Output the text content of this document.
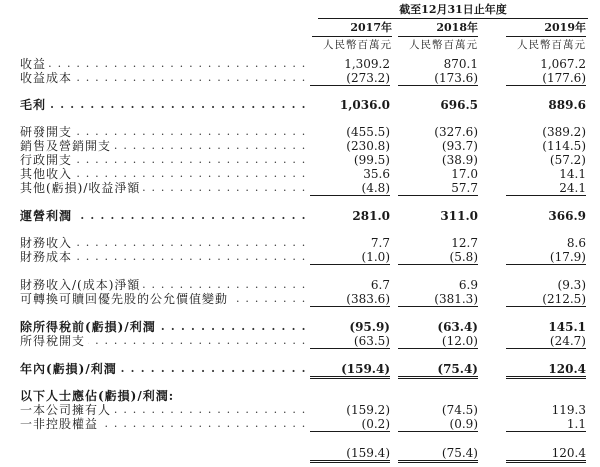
截至12月31日止年度
2017年	2018年	2019年
人民幣百萬元	人民幣百萬元	人民幣百萬元
收益 . . .	1,309.2	870.1	1,067.2
收益成本 . . .	(273.2)	(173.6)	(177.6)
毛利 . . .	1,036.0	696.5	889.6
研發開支 . . .	(455.5)	(327.6)	(389.2)
銷售及營銷開支 . . .	(230.8)	(93.7)	(114.5)
行政開支 . . .	(99.5)	(38.9)	(57.2)
其他收入 . . .	35.6	17.0	14.1
其他(虧損)/收益淨額 . . .	(4.8)	57.7	24.1
運營利潤 . . .	281.0	311.0	366.9
財務收入 . . .	7.7	12.7	8.6
財務成本 . . .	(1.0)	(5.8)	(17.9)
財務收入/(成本)淨額 . . .	6.7	6.9	(9.3)
可轉換可贖回優先股的公允價值變動 . . .	(383.6)	(381.3)	(212.5)
除所得稅前(虧損)/利潤 . . .	(95.9)	(63.4)	145.1
所得稅開支 . . .	(63.5)	(12.0)	(24.7)
年內(虧損)/利潤 . . .	(159.4)	(75.4)	120.4
以下人士應佔(虧損)/利潤:
一本公司擁有人 . . .	(159.2)	(74.5)	119.3
一非控股權益 . . .	(0.2)	(0.9)	1.1
(159.4)	(75.4)	120.4
